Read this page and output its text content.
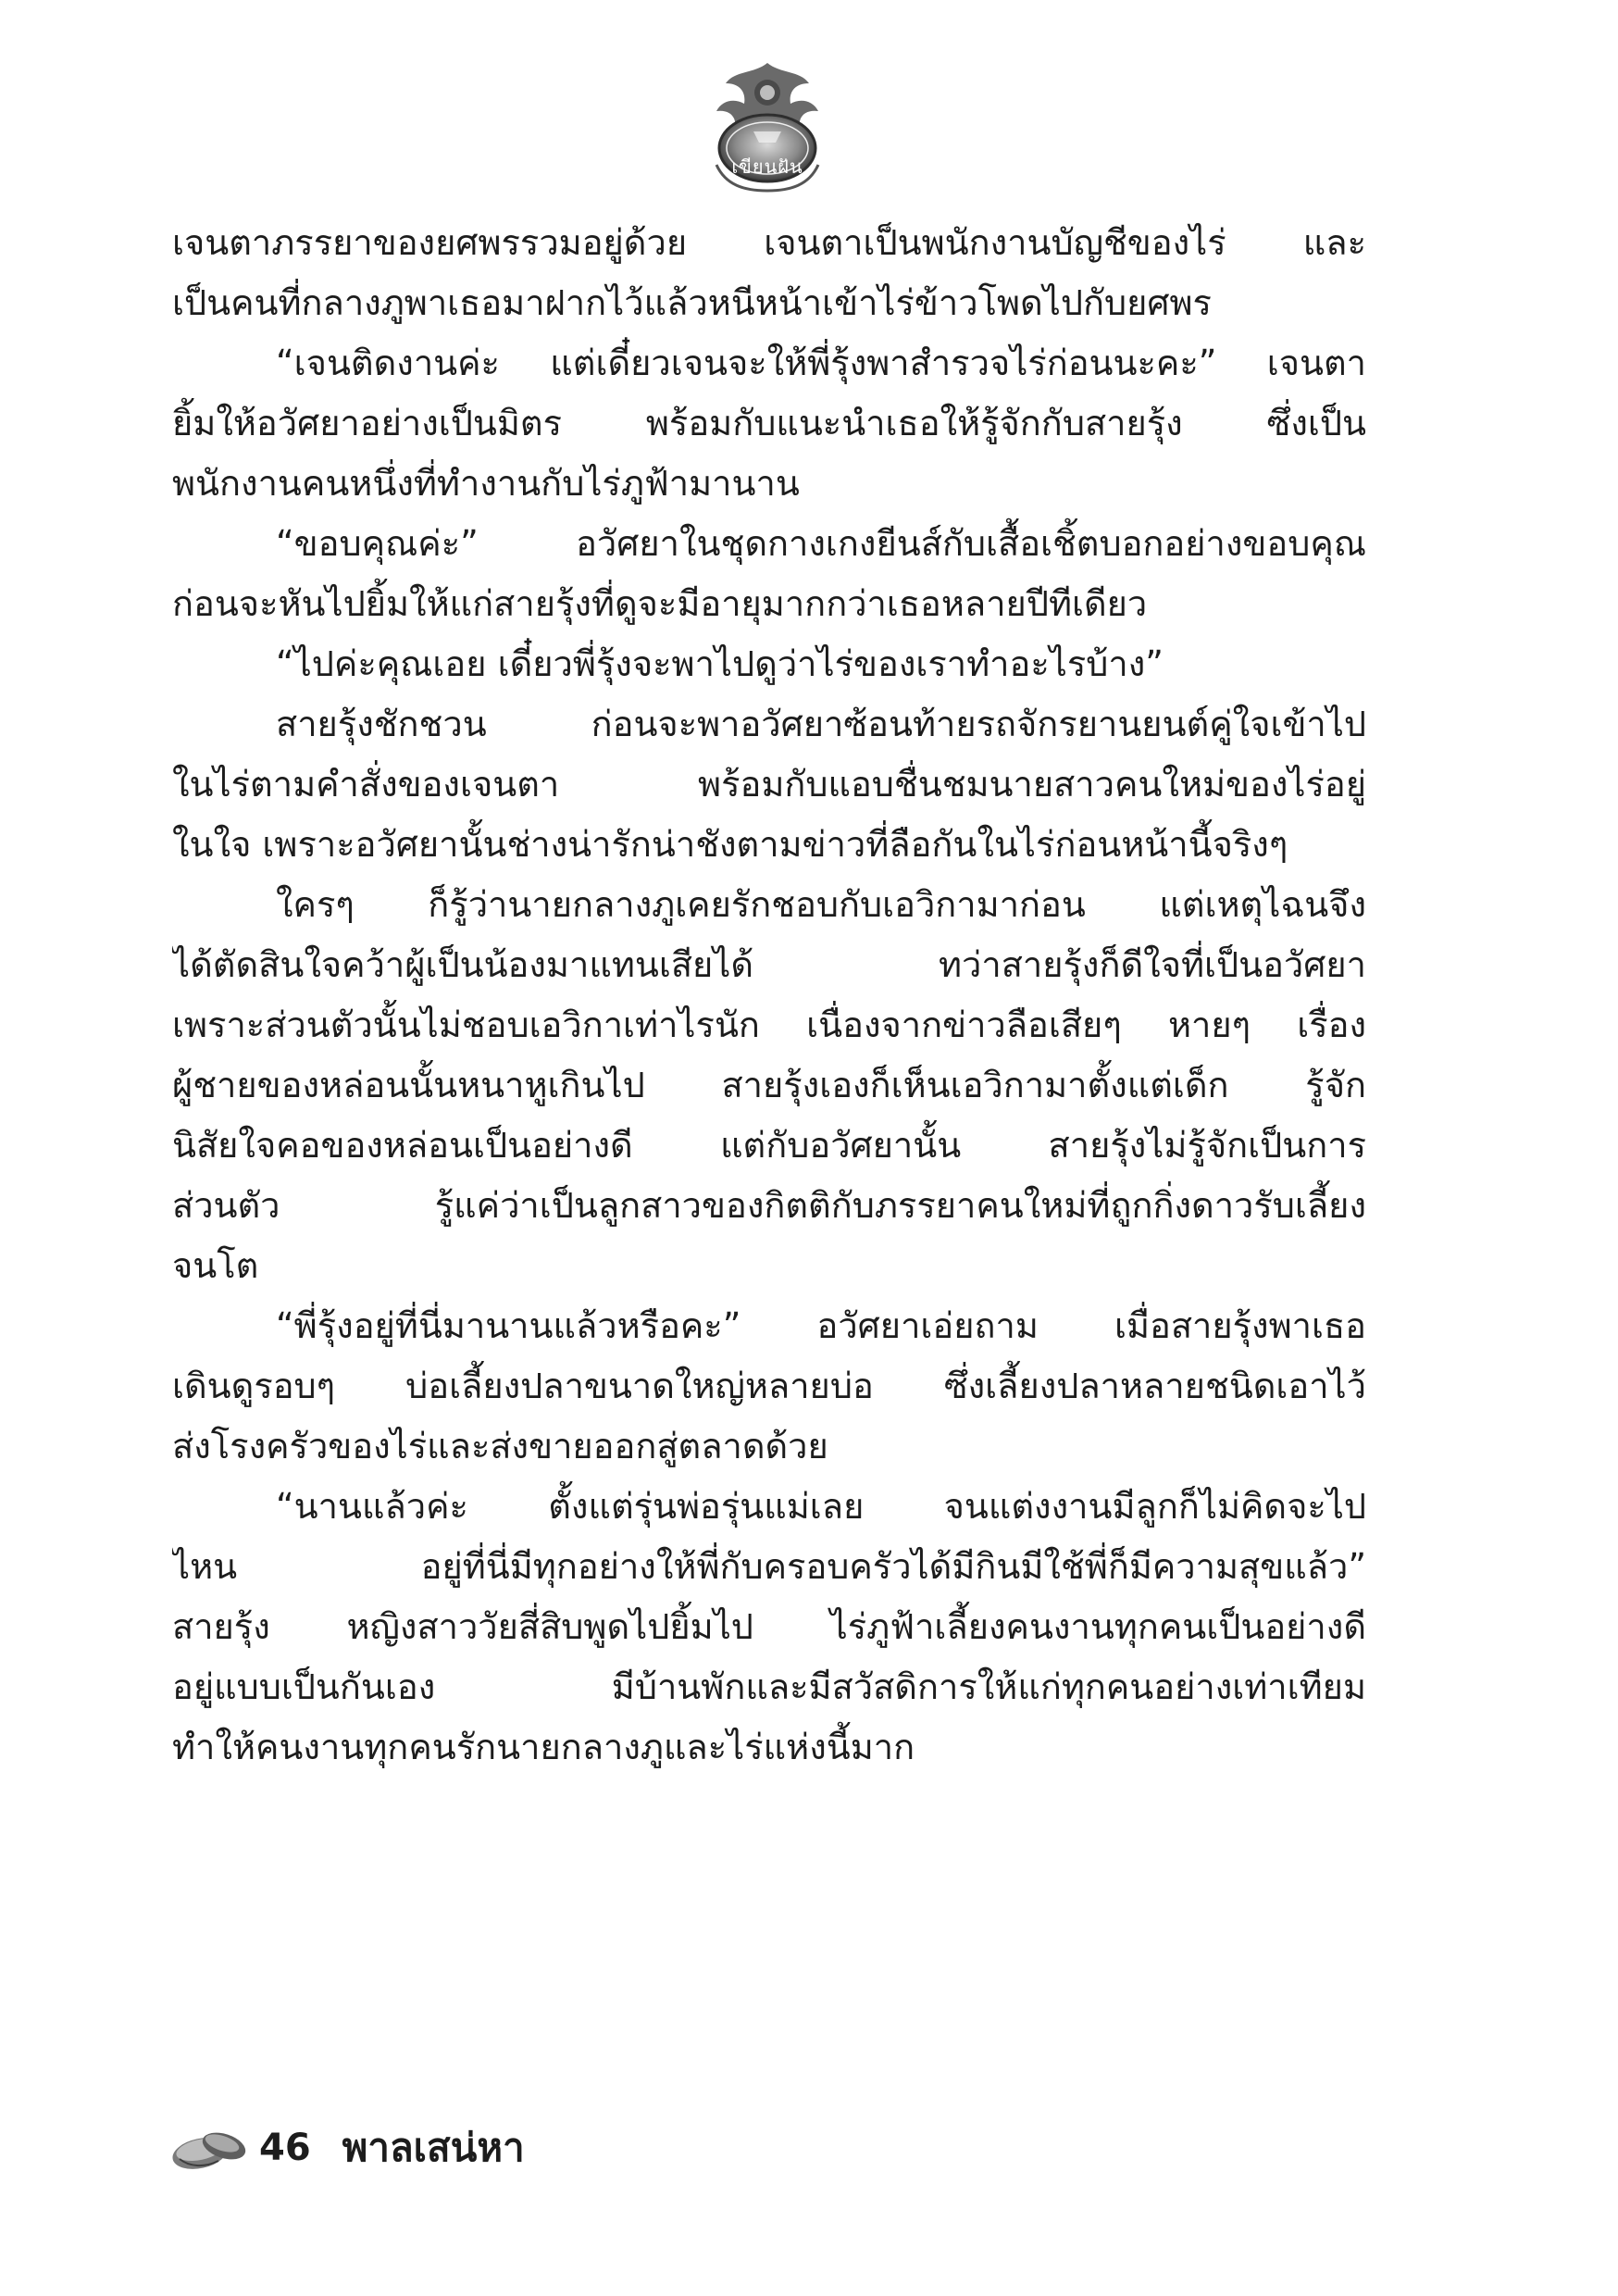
เขียนฝัน
เจนตาภรรยาของยศพรรวมอยู่ด้วย เจนตาเป็นพนักงานบัญชีของไร่ และ
เป็นคนที่กลางภูพาเธอมาฝากไว้แล้วหนีหน้าเข้าไร่ข้าวโพดไปกับยศพร
“เจนติดงานค่ะ แต่เดี๋ยวเจนจะให้พี่รุ้งพาสำรวจไร่ก่อนนะคะ” เจนตา
ยิ้มให้อวัศยาอย่างเป็นมิตร พร้อมกับแนะนำเธอให้รู้จักกับสายรุ้ง ซึ่งเป็น
พนักงานคนหนึ่งที่ทำงานกับไร่ภูฟ้ามานาน
“ขอบคุณค่ะ” อวัศยาในชุดกางเกงยีนส์กับเสื้อเชิ้ตบอกอย่างขอบคุณ
ก่อนจะหันไปยิ้มให้แก่สายรุ้งที่ดูจะมีอายุมากกว่าเธอหลายปีทีเดียว
“ไปค่ะคุณเอย เดี๋ยวพี่รุ้งจะพาไปดูว่าไร่ของเราทำอะไรบ้าง”
สายรุ้งชักชวน ก่อนจะพาอวัศยาซ้อนท้ายรถจักรยานยนต์คู่ใจเข้าไป
ในไร่ตามคำสั่งของเจนตา พร้อมกับแอบชื่นชมนายสาวคนใหม่ของไร่อยู่
ในใจ เพราะอวัศยานั้นช่างน่ารักน่าชังตามข่าวที่ลือกันในไร่ก่อนหน้านี้จริงๆ
ใครๆ ก็รู้ว่านายกลางภูเคยรักชอบกับเอวิกามาก่อน แต่เหตุไฉนจึง
ได้ตัดสินใจคว้าผู้เป็นน้องมาแทนเสียได้ ทว่าสายรุ้งก็ดีใจที่เป็นอวัศยา
เพราะส่วนตัวนั้นไม่ชอบเอวิกาเท่าไรนัก เนื่องจากข่าวลือเสียๆ หายๆ เรื่อง
ผู้ชายของหล่อนนั้นหนาหูเกินไป สายรุ้งเองก็เห็นเอวิกามาตั้งแต่เด็ก รู้จัก
นิสัยใจคอของหล่อนเป็นอย่างดี แต่กับอวัศยานั้น สายรุ้งไม่รู้จักเป็นการ
ส่วนตัว รู้แค่ว่าเป็นลูกสาวของกิตติกับภรรยาคนใหม่ที่ถูกกิ่งดาวรับเลี้ยง
จนโต
“พี่รุ้งอยู่ที่นี่มานานแล้วหรือคะ” อวัศยาเอ่ยถาม เมื่อสายรุ้งพาเธอ
เดินดูรอบๆ บ่อเลี้ยงปลาขนาดใหญ่หลายบ่อ ซึ่งเลี้ยงปลาหลายชนิดเอาไว้
ส่งโรงครัวของไร่และส่งขายออกสู่ตลาดด้วย
“นานแล้วค่ะ ตั้งแต่รุ่นพ่อรุ่นแม่เลย จนแต่งงานมีลูกก็ไม่คิดจะไป
ไหน อยู่ที่นี่มีทุกอย่างให้พี่กับครอบครัวได้มีกินมีใช้พี่ก็มีความสุขแล้ว”
สายรุ้ง หญิงสาววัยสี่สิบพูดไปยิ้มไป ไร่ภูฟ้าเลี้ยงคนงานทุกคนเป็นอย่างดี
อยู่แบบเป็นกันเอง มีบ้านพักและมีสวัสดิการให้แก่ทุกคนอย่างเท่าเทียม
ทำให้คนงานทุกคนรักนายกลางภูและไร่แห่งนี้มาก
46 พาลเสน่หา
